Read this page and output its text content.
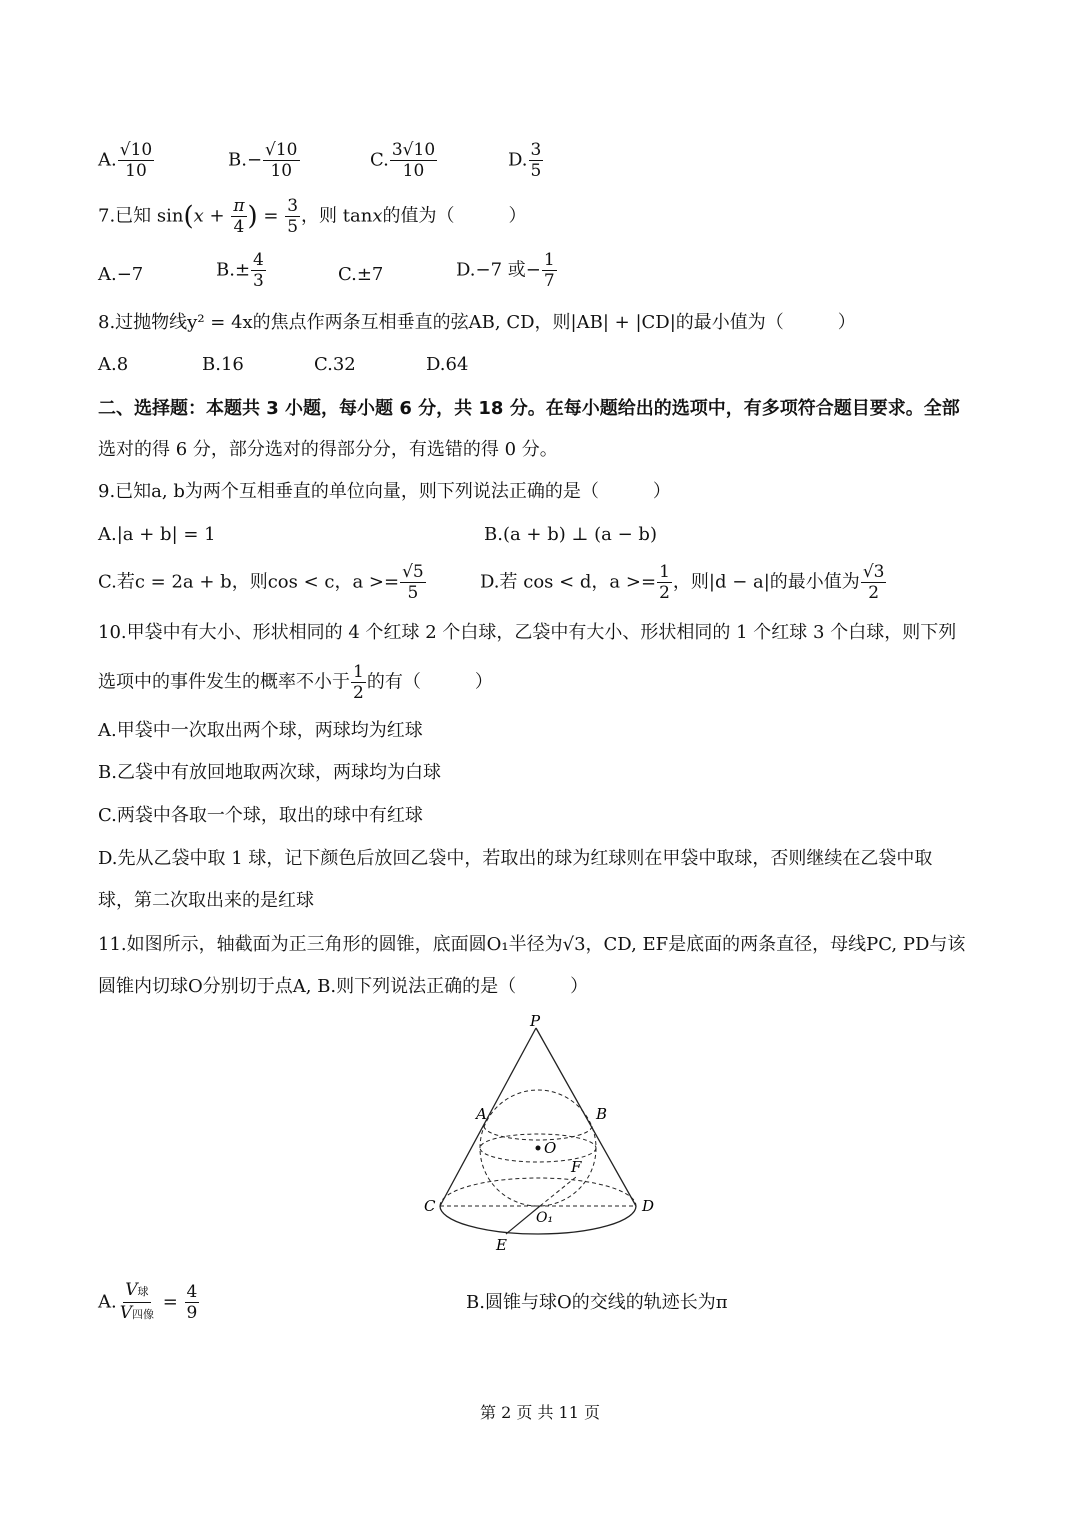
A. $\frac{√10}{10}$	$B.- \frac{√10}{10}$	C. $\frac{3√10}{10}$	D. $\frac{3}{5}$
7.已知 $\sin(x + \frac{\pi}{4}$ ) = $\frac{3}{5}$ ，则 tanx的值为（　　　）
A.−7	$B.\pm \frac{4}{3}$	C.±7	D.−7 或− $\frac{1}{7}$
8.过抛物线y² = 4x的焦点作两条互相垂直的弦AB, CD，则|AB| + |CD|的最小值为（　　　）
A.8	B.16	C.32	D.64
二、选择题：本题共 3 小题，每小题 6 分，共 18 分。在每小题给出的选项中，有多项符合题目要求。全部
选对的得 6 分，部分选对的得部分分，有选错的得 0 分。
9.已知a, b为两个互相垂直的单位向量，则下列说法正确的是（　　　）
A.|a + b| = 1	B.(a + b) ⊥ (a − b)
C.若c = 2a + b，则cos < c，$a >= \frac{√5}{5}$	D.若 cos < d，$a >= \frac{1}{2}$ ，则|d − a|的最小值为 $\frac{√3}{2}$
10.甲袋中有大小、形状相同的 4 个红球 2 个白球，乙袋中有大小、形状相同的 1 个红球 3 个白球，则下列
选项中的事件发生的概率不小于 $\frac{1}{2}$ 的有（　　　）
A.甲袋中一次取出两个球，两球均为红球
B.乙袋中有放回地取两次球，两球均为白球
C.两袋中各取一个球，取出的球中有红球
D.先从乙袋中取 1 球，记下颜色后放回乙袋中，若取出的球为红球则在甲袋中取球，否则继续在乙袋中取
球，第二次取出来的是红球
11.如图所示，轴截面为正三角形的圆锥，底面圆O₁半径为√3，CD, EF是底面的两条直径，母线PC, PD与该
圆锥内切球O分别切于点A, B.则下列说法正确的是（　　　）
P
A	B
O
F
C	D
O₁
E
A. $\frac{\text{V球}}{\text{V四像}} = \frac{4}{9}$	B.圆锥与球O的交线的轨迹长为π
第 2 页 共 11 页
